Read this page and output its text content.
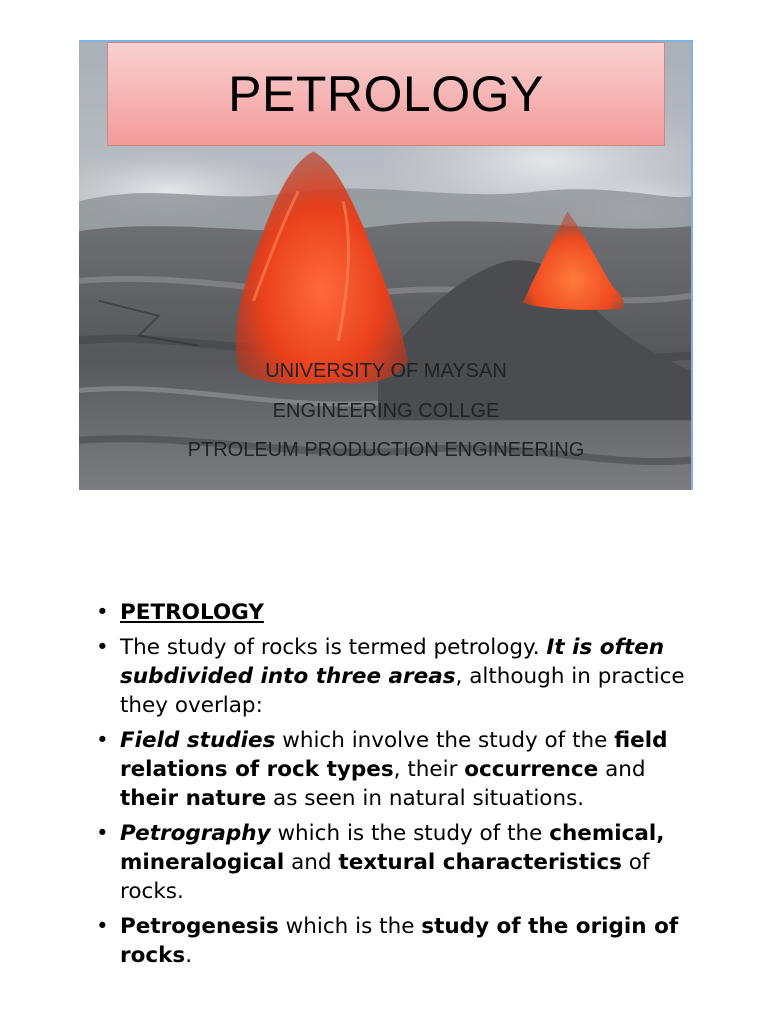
PETROLOGY
UNIVERSITY OF MAYSAN
ENGINEERING COLLGE
PTROLEUM PRODUCTION ENGINEERING
• PETROLOGY
• The study of rocks is termed petrology. It is often subdivided into three areas, although in practice they overlap:
• Field studies which involve the study of the field relations of rock types, their occurrence and their nature as seen in natural situations.
• Petrography which is the study of the chemical, mineralogical and textural characteristics of rocks.
• Petrogenesis which is the study of the origin of rocks.
